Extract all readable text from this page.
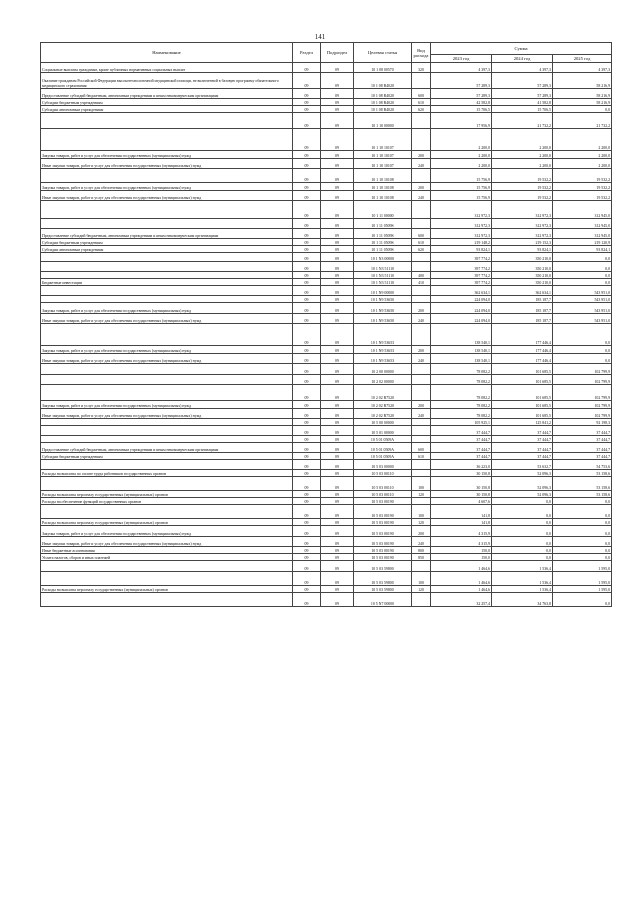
141
Наименование	Раздел	Подраздел	Целевая статья	Вид расхода	Сумма		
					2023 год	2024 год	2025 год
Социальные выплаты гражданам, кроме публичных нормативных социальных выплат	09	09	10 1 08 00570	320	4 397,3	4 397,3	4 397,3
Оказание гражданам Российской Федерации высокотехнологичной медицинской помощи, не включенной в базовую программу обязательного медицинского страхования	09	09	10 1 08 R4020		57 289,3	57 289,3	58 216,9
Предоставление субсидий бюджетным, автономным учреждениям и иным некоммерческим организациям	09	09	10 1 08 R4020	600	57 289,3	57 289,3	58 216,9
Субсидии бюджетным учреждениям	09	09	10 1 08 R4020	610	42 582,8	41 582,8	58 216,9
Субсидии автономным учреждениям	09	09	10 1 08 R4020	620	15 706,5	15 706,5	0,0
	09	09	10 1 10 00000		17 956,9	21 732,2	21 732,2
	09	09	10 1 10 10107		2 200,0	2 200,0	2 200,0
Закупка товаров, работ и услуг для обеспечения государственных (муниципальных) нужд	09	09	10 1 10 10107	200	2 200,0	2 200,0	2 200,0
Иные закупки товаров, работ и услуг для обеспечения государственных (муниципальных) нужд	09	09	10 1 10 10107	240	2 200,0	2 200,0	2 200,0
	09	09	10 1 10 10108		15 756,9	19 532,2	19 532,2
Закупка товаров, работ и услуг для обеспечения государственных (муниципальных) нужд	09	09	10 1 10 10108	200	15 756,9	19 532,2	19 532,2
Иные закупки товаров, работ и услуг для обеспечения государственных (муниципальных) нужд	09	09	10 1 10 10108	240	15 756,9	19 532,2	19 532,2
	09	09	10 1 11 00000		312 972,3	312 972,3	312 945,0
	09	09	10 1 11 0509S		312 972,3	312 972,3	312 945,0
Предоставление субсидий бюджетным, автономным учреждениям и иным некоммерческим организациям	09	09	10 1 11 0509S	600	312 972,3	312 972,3	312 945,0
Субсидии бюджетным учреждениям	09	09	10 1 11 0509S	610	219 148,2	219 152,3	219 120,9
Субсидии автономным учреждениям	09	09	10 1 11 0509S	620	93 824,1	93 824,1	93 824,1
	09	09	10 1 N3 00000		397 774,2	350 210,0	0,0
	09	09	10 1 N3 51110		397 774,2	350 210,0	0,0
	09	09	10 1 N3 51110	400	397 774,2	350 210,0	0,0
Бюджетные инвестиции	09	09	10 1 N3 51110	410	397 774,2	350 210,0	0,0
	09	09	10 1 N9 00000		362 634,1	362 634,1	543 951,0
	09	09	10 1 N9 53650		224 094,0	185 187,7	543 951,0
Закупка товаров, работ и услуг для обеспечения государственных (муниципальных) нужд	09	09	10 1 N9 53650	200	224 094,0	185 187,7	543 951,0
Иные закупки товаров, работ и услуг для обеспечения государственных (муниципальных) нужд	09	09	10 1 N9 53650	240	224 094,0	185 187,7	543 951,0
	09	09	10 1 N9 53653		138 540,1	177 446,4	0,0
Закупка товаров, работ и услуг для обеспечения государственных (муниципальных) нужд	09	09	10 1 N9 53653	200	138 540,1	177 446,4	0,0
Иные закупки товаров, работ и услуг для обеспечения государственных (муниципальных) нужд	09	09	10 1 N9 53653	240	138 540,1	177 446,4	0,0
	09	09	10 2 00 00000		78 082,2	101 685,5	102 799,9
	09	09	10 2 02 00000		78 082,2	101 685,5	102 799,9
	09	09	10 2 02 R7520		78 082,2	101 685,5	102 799,9
Закупка товаров, работ и услуг для обеспечения государственных (муниципальных) нужд	09	09	10 2 02 R7520	200	78 082,2	101 685,5	102 799,9
Иные закупки товаров, работ и услуг для обеспечения государственных (муниципальных) нужд	09	09	10 2 02 R7520	240	78 082,2	101 685,5	102 799,9
	09	09	10 5 00 00000		105 925,1	125 841,2	92 198,3
	09	09	10 5 01 00000		37 444,7	37 444,7	37 444,7
	09	09	10 5 01 0509А		37 444,7	37 444,7	37 444,7
Предоставление субсидий бюджетным, автономным учреждениям и иным некоммерческим организациям	09	09	10 5 01 0509А	600	37 444,7	37 444,7	37 444,7
Субсидии бюджетным учреждениям	09	09	10 5 01 0509А	610	37 444,7	37 444,7	37 444,7
	09	09	10 5 03 00000		36 223,0	53 632,7	54 753,6
Расходы на выплаты по оплате труда работников государственных органов	09	09	10 5 03 00110		30 150,8	52 096,3	53 158,6
	09	09	10 5 03 00110	100	30 150,8	52 096,3	53 158,6
Расходы на выплаты персоналу государственных (муниципальных) органов	09	09	10 5 03 00110	120	30 150,8	52 096,3	53 158,6
Расходы на обеспечение функций государственных органов	09	09	10 5 03 00190		4 607,6	0,0	0,0
	09	09	10 5 03 00190	100	141,8	0,0	0,0
Расходы на выплаты персоналу государственных (муниципальных) органов	09	09	10 5 03 00190	120	141,8	0,0	0,0
Закупка товаров, работ и услуг для обеспечения государственных (муниципальных) нужд	09	09	10 5 03 00190	200	4 315,9	0,0	0,0
Иные закупки товаров, работ и услуг для обеспечения государственных (муниципальных) нужд	09	09	10 5 03 00190	240	4 315,9	0,0	0,0
Иные бюджетные ассигнования	09	09	10 5 03 00190	800	150,0	0,0	0,0
Уплата налогов, сборов и иных платежей	09	09	10 5 03 00190	850	150,0	0,0	0,0
	09	09	10 5 03 59800		1 464,6	1 536,4	1 595,0
	09	09	10 5 03 59800	100	1 464,6	1 536,4	1 595,0
Расходы на выплаты персоналу государственных (муниципальных) органов	09	09	10 5 03 59800	120	1 464,6	1 536,4	1 595,0
	09	09	10 5 N7 00000		32 257,4	34 763,8	0,0
